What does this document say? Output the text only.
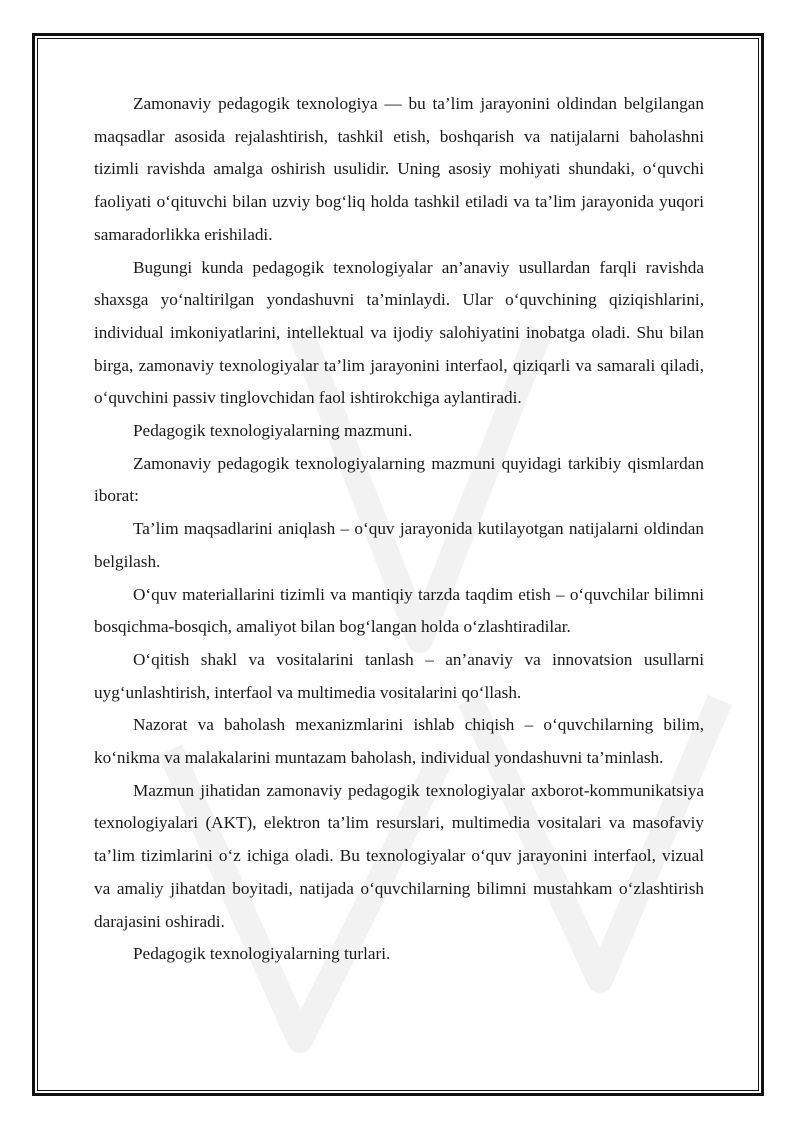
Zamonaviy pedagogik texnologiya — bu ta’lim jarayonini oldindan belgilangan maqsadlar asosida rejalashtirish, tashkil etish, boshqarish va natijalarni baholashni tizimli ravishda amalga oshirish usulidir. Uning asosiy mohiyati shundaki, o‘quvchi faoliyati o‘qituvchi bilan uzviy bog‘liq holda tashkil etiladi va ta’lim jarayonida yuqori samaradorlikka erishiladi.

Bugungi kunda pedagogik texnologiyalar an’anaviy usullardan farqli ravishda shaxsga yo‘naltirilgan yondashuvni ta’minlaydi. Ular o‘quvchining qiziqishlarini, individual imkoniyatlarini, intellektual va ijodiy salohiyatini inobatga oladi. Shu bilan birga, zamonaviy texnologiyalar ta’lim jarayonini interfaol, qiziqarli va samarali qiladi, o‘quvchini passiv tinglovchidan faol ishtirokchiga aylantiradi.

Pedagogik texnologiyalarning mazmuni.

Zamonaviy pedagogik texnologiyalarning mazmuni quyidagi tarkibiy qismlardan iborat:

Ta’lim maqsadlarini aniqlash – o‘quv jarayonida kutilayotgan natijalarni oldindan belgilash.

O‘quv materiallarini tizimli va mantiqiy tarzda taqdim etish – o‘quvchilar bilimni bosqichma-bosqich, amaliyot bilan bog‘langan holda o‘zlashtiradilar.

O‘qitish shakl va vositalarini tanlash – an’anaviy va innovatsion usullarni uyg‘unlashtirish, interfaol va multimedia vositalarini qo‘llash.

Nazorat va baholash mexanizmlarini ishlab chiqish – o‘quvchilarning bilim, ko‘nikma va malakalarini muntazam baholash, individual yondashuvni ta’minlash.

Mazmun jihatidan zamonaviy pedagogik texnologiyalar axborot-kommunikatsiya texnologiyalari (AKT), elektron ta’lim resurslari, multimedia vositalari va masofaviy ta’lim tizimlarini o‘z ichiga oladi. Bu texnologiyalar o‘quv jarayonini interfaol, vizual va amaliy jihatdan boyitadi, natijada o‘quvchilarning bilimni mustahkam o‘zlashtirish darajasini oshiradi.

Pedagogik texnologiyalarning turlari.
